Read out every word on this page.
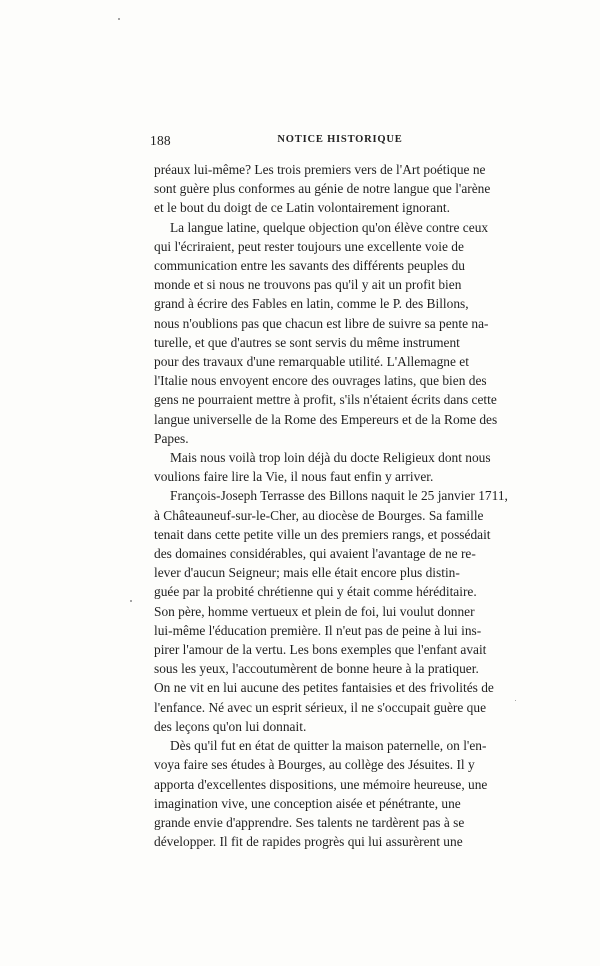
188	NOTICE HISTORIQUE

préaux lui-même? Les trois premiers vers de l'Art poétique ne
sont guère plus conformes au génie de notre langue que l'arène
et le bout du doigt de ce Latin volontairement ignorant.

La langue latine, quelque objection qu'on élève contre ceux
qui l'écriraient, peut rester toujours une excellente voie de
communication entre les savants des différents peuples du
monde et si nous ne trouvons pas qu'il y ait un profit bien
grand à écrire des Fables en latin, comme le P. des Billons,
nous n'oublions pas que chacun est libre de suivre sa pente na-
turelle, et que d'autres se sont servis du même instrument
pour des travaux d'une remarquable utilité. L'Allemagne et
l'Italie nous envoyent encore des ouvrages latins, que bien des
gens ne pourraient mettre à profit, s'ils n'étaient écrits dans cette
langue universelle de la Rome des Empereurs et de la Rome des
Papes.

Mais nous voilà trop loin déjà du docte Religieux dont nous
voulions faire lire la Vie, il nous faut enfin y arriver.

François-Joseph Terrasse des Billons naquit le 25 janvier 1711,
à Châteauneuf-sur-le-Cher, au diocèse de Bourges. Sa famille
tenait dans cette petite ville un des premiers rangs, et possédait
des domaines considérables, qui avaient l'avantage de ne re-
lever d'aucun Seigneur; mais elle était encore plus distin-
guée par la probité chrétienne qui y était comme héréditaire.
Son père, homme vertueux et plein de foi, lui voulut donner
lui-même l'éducation première. Il n'eut pas de peine à lui ins-
pirer l'amour de la vertu. Les bons exemples que l'enfant avait
sous les yeux, l'accoutumèrent de bonne heure à la pratiquer.
On ne vit en lui aucune des petites fantaisies et des frivolités de
l'enfance. Né avec un esprit sérieux, il ne s'occupait guère que
des leçons qu'on lui donnait.

Dès qu'il fut en état de quitter la maison paternelle, on l'en-
voya faire ses études à Bourges, au collège des Jésuites. Il y
apporta d'excellentes dispositions, une mémoire heureuse, une
imagination vive, une conception aisée et pénétrante, une
grande envie d'apprendre. Ses talents ne tardèrent pas à se
développer. Il fit de rapides progrès qui lui assurèrent une
